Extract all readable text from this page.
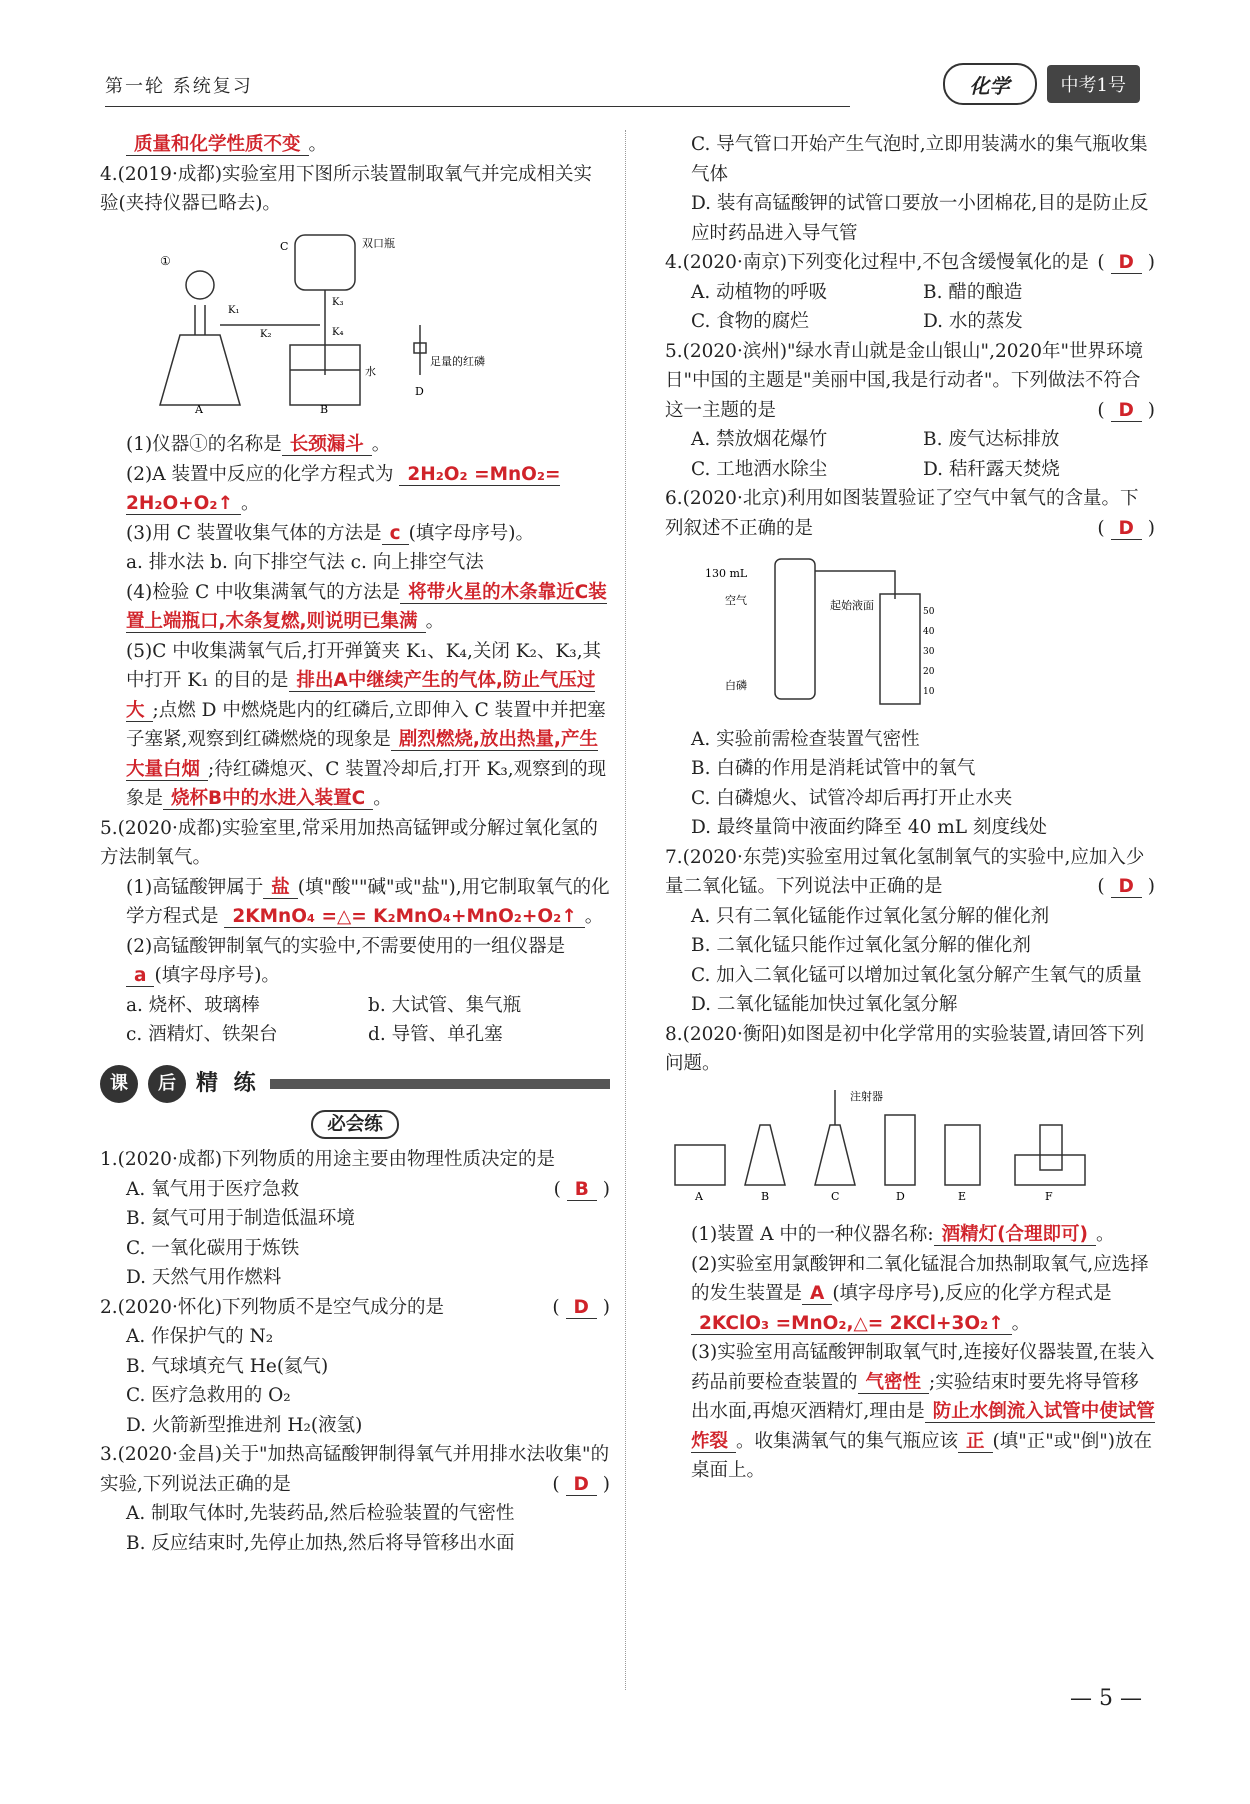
第一轮 系统复习	化学	中考1号

质量和化学性质不变 。

4.(2019·成都)实验室用下图所示装置制取氧气并完成相关实验(夹持仪器已略去)。

①
A	B
C
D
K₁
K₂
K₃
K₄
双口瓶
水
足量的红磷

(1)仪器①的名称是 长颈漏斗 。

(2)A 装置中反应的化学方程式为 2H₂O₂ =MnO₂= 2H₂O+O₂↑ 。

(3)用 C 装置收集气体的方法是 c (填字母序号)。

a. 排水法 b. 向下排空气法 c. 向上排空气法

(4)检验 C 中收集满氧气的方法是 将带火星的木条靠近C装置上端瓶口,木条复燃,则说明已集满 。

(5)C 中收集满氧气后,打开弹簧夹 K₁、K₄,关闭 K₂、K₃,其中打开 K₁ 的目的是 排出A中继续产生的气体,防止气压过大 ;点燃 D 中燃烧匙内的红磷后,立即伸入 C 装置中并把塞子塞紧,观察到红磷燃烧的现象是 剧烈燃烧,放出热量,产生大量白烟 ;待红磷熄灭、C 装置冷却后,打开 K₃,观察到的现象是 烧杯B中的水进入装置C 。

5.(2020·成都)实验室里,常采用加热高锰钾或分解过氧化氢的方法制氧气。

(1)高锰酸钾属于 盐 (填"酸""碱"或"盐"),用它制取氧气的化学方程式是 2KMnO₄ =△= K₂MnO₄+MnO₂+O₂↑ 。

(2)高锰酸钾制氧气的实验中,不需要使用的一组仪器是a (填字母序号)。

a. 烧杯、玻璃棒	b. 大试管、集气瓶
c. 酒精灯、铁架台	d. 导管、单孔塞
课	后 精 练
必会练

1.(2020·成都)下列物质的用途主要由物理性质决定的是
( B )

A. 氧气用于医疗急救

B. 氦气可用于制造低温环境

C. 一氧化碳用于炼铁

D. 天然气用作燃料

2.(2020·怀化)下列物质不是空气成分的是	( D )

A. 作保护气的 N₂

B. 气球填充气 He(氦气)

C. 医疗急救用的 O₂

D. 火箭新型推进剂 H₂(液氢)

3.(2020·金昌)关于"加热高锰酸钾制得氧气并用排水法收集"的实验,下列说法正确的是	( D )

A. 制取气体时,先装药品,然后检验装置的气密性

B. 反应结束时,先停止加热,然后将导管移出水面

C. 导气管口开始产生气泡时,立即用装满水的集气瓶收集气体

D. 装有高锰酸钾的试管口要放一小团棉花,目的是防止反应时药品进入导气管

4.(2020·南京)下列变化过程中,不包含缓慢氧化的是 ( D )

A. 动植物的呼吸	B. 醋的酿造
C. 食物的腐烂	D. 水的蒸发

5.(2020·滨州)"绿水青山就是金山银山",2020年"世界环境日"中国的主题是"美丽中国,我是行动者"。下列做法不符合这一主题的是	( D )

A. 禁放烟花爆竹	B. 废气达标排放
C. 工地洒水除尘	D. 秸秆露天焚烧

6.(2020·北京)利用如图装置验证了空气中氧气的含量。下列叙述不正确的是	( D )

130 mL
空气	起始液面
白磷
50
40
30
20
10

A. 实验前需检查装置气密性

B. 白磷的作用是消耗试管中的氧气

C. 白磷熄火、试管冷却后再打开止水夹

D. 最终量筒中液面约降至 40 mL 刻度线处

7.(2020·东莞)实验室用过氧化氢制氧气的实验中,应加入少量二氧化锰。下列说法中正确的是	( D )

A. 只有二氧化锰能作过氧化氢分解的催化剂

B. 二氧化锰只能作过氧化氢分解的催化剂

C. 加入二氧化锰可以增加过氧化氢分解产生氧气的质量

D. 二氧化锰能加快过氧化氢分解

8.(2020·衡阳)如图是初中化学常用的实验装置,请回答下列问题。

注射器
A	B	C	D	E	F

(1)装置 A 中的一种仪器名称: 酒精灯(合理即可) 。

(2)实验室用氯酸钾和二氧化锰混合加热制取氧气,应选择的发生装置是 A (填字母序号),反应的化学方程式是 2KClO₃ =MnO₂,△= 2KCl+3O₂↑ 。

(3)实验室用高锰酸钾制取氧气时,连接好仪器装置,在装入药品前要检查装置的 气密性 ;实验结束时要先将导管移出水面,再熄灭酒精灯,理由是 防止水倒流入试管中使试管炸裂 。收集满氧气的集气瓶应该 正 (填"正"或"倒")放在桌面上。

— 5 —
